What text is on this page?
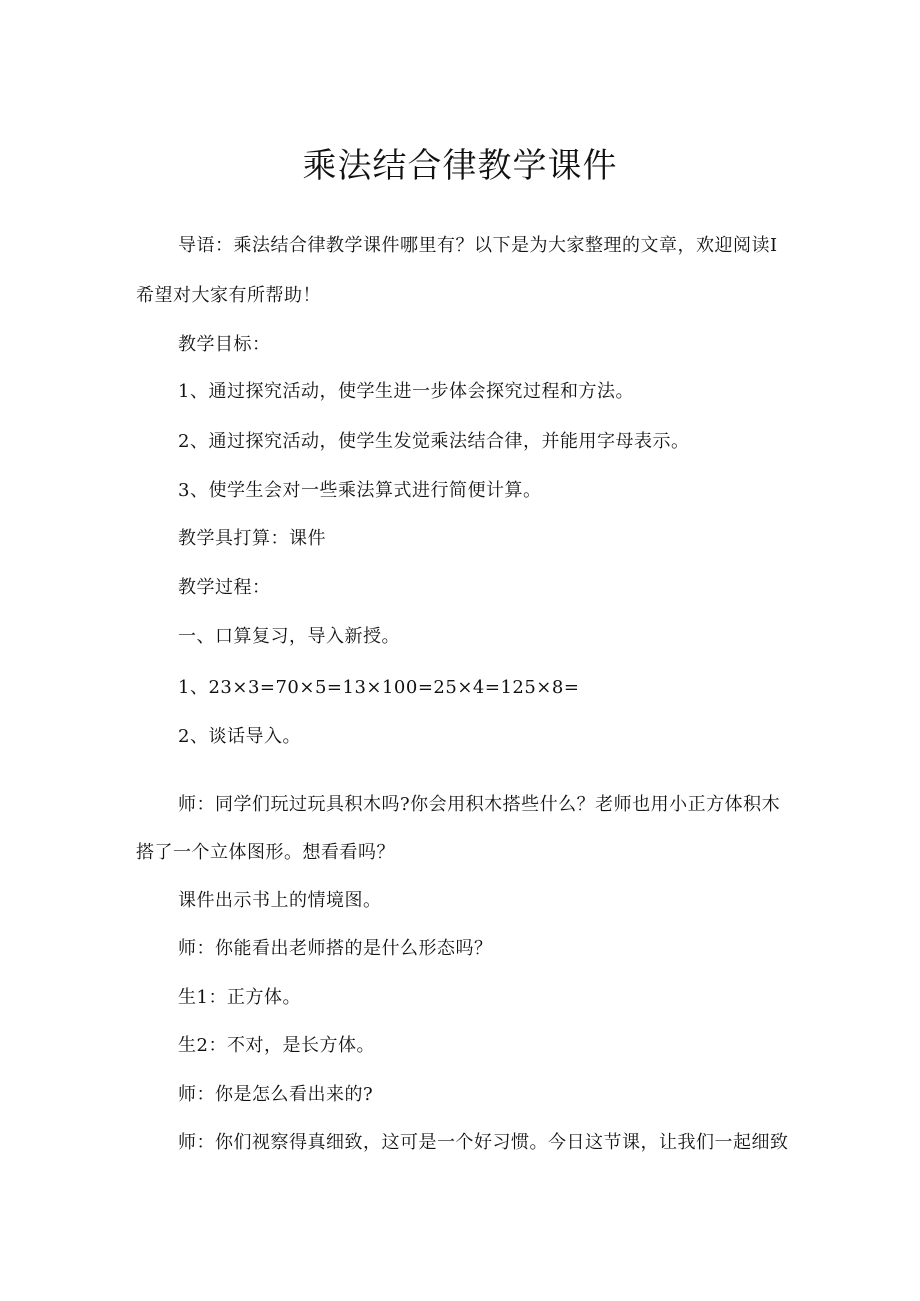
乘法结合律教学课件
导语：乘法结合律教学课件哪里有？以下是为大家整理的文章，欢迎阅读I
希望对大家有所帮助！
教学目标：
1、通过探究活动，使学生进一步体会探究过程和方法。
2、通过探究活动，使学生发觉乘法结合律，并能用字母表示。
3、使学生会对一些乘法算式进行简便计算。
教学具打算：课件
教学过程：
一、口算复习，导入新授。
1、23×3=70×5=13×100=25×4=125×8=
2、谈话导入。
师：同学们玩过玩具积木吗?你会用积木搭些什么？老师也用小正方体积木
搭了一个立体图形。想看看吗？
课件出示书上的情境图。
师：你能看出老师搭的是什么形态吗？
生1：正方体。
生2：不对，是长方体。
师：你是怎么看出来的?
师：你们视察得真细致，这可是一个好习惯。今日这节课，让我们一起细致
